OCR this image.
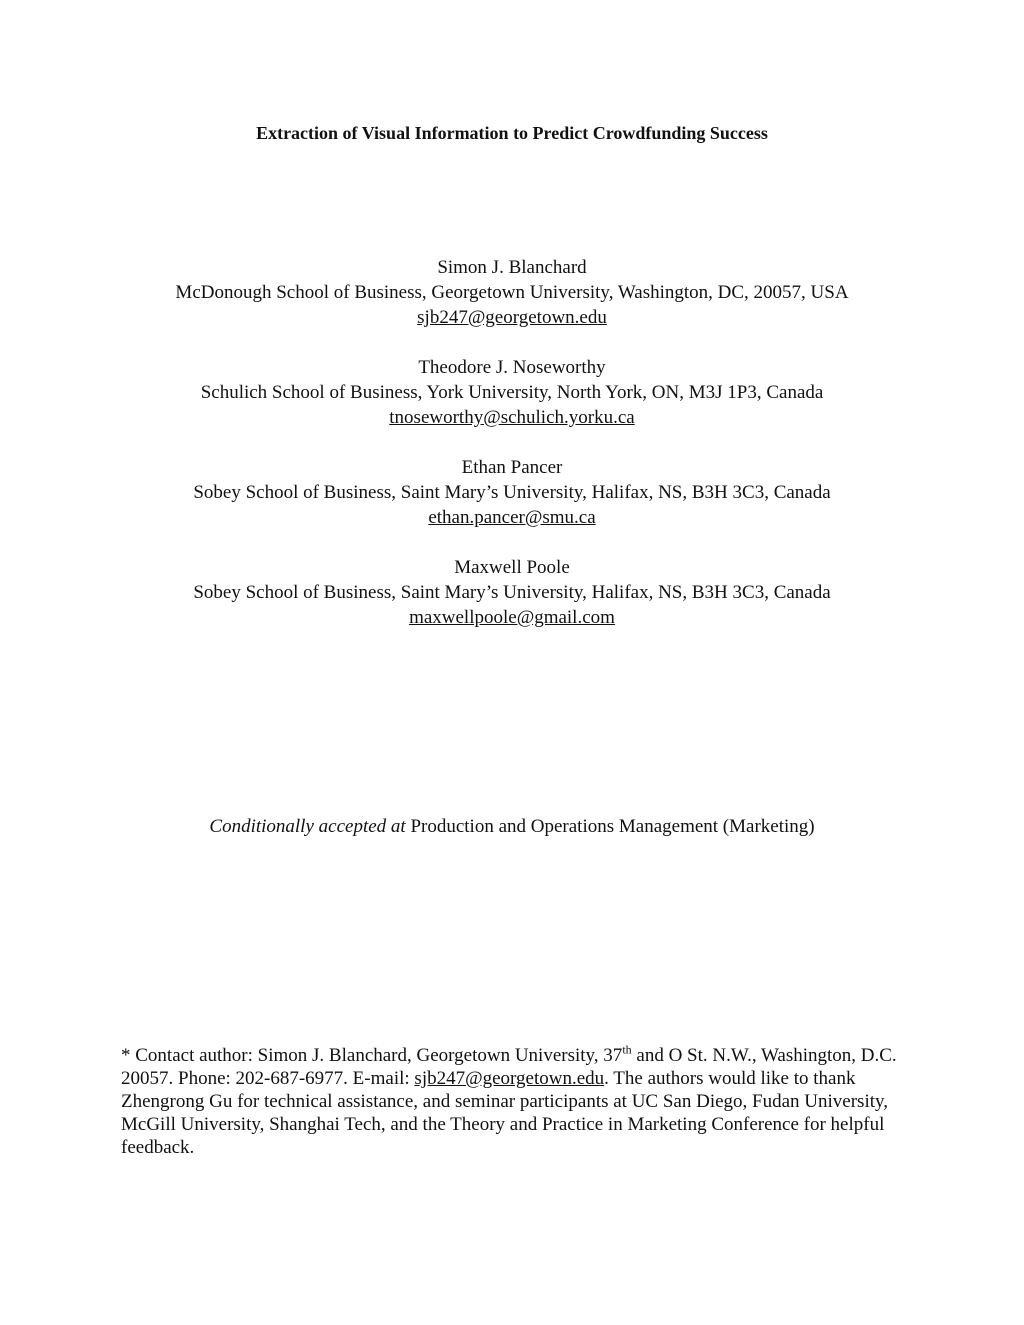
Extraction of Visual Information to Predict Crowdfunding Success
Simon J. Blanchard
McDonough School of Business, Georgetown University, Washington, DC, 20057, USA
sjb247@georgetown.edu
Theodore J. Noseworthy
Schulich School of Business, York University, North York, ON, M3J 1P3, Canada
tnoseworthy@schulich.yorku.ca
Ethan Pancer
Sobey School of Business, Saint Mary’s University, Halifax, NS, B3H 3C3, Canada
ethan.pancer@smu.ca
Maxwell Poole
Sobey School of Business, Saint Mary’s University, Halifax, NS, B3H 3C3, Canada
maxwellpoole@gmail.com
Conditionally accepted at Production and Operations Management (Marketing)
* Contact author: Simon J. Blanchard, Georgetown University, 37th and O St. N.W., Washington, D.C. 20057. Phone: 202-687-6977. E-mail: sjb247@georgetown.edu. The authors would like to thank Zhengrong Gu for technical assistance, and seminar participants at UC San Diego, Fudan University, McGill University, Shanghai Tech, and the Theory and Practice in Marketing Conference for helpful feedback.
